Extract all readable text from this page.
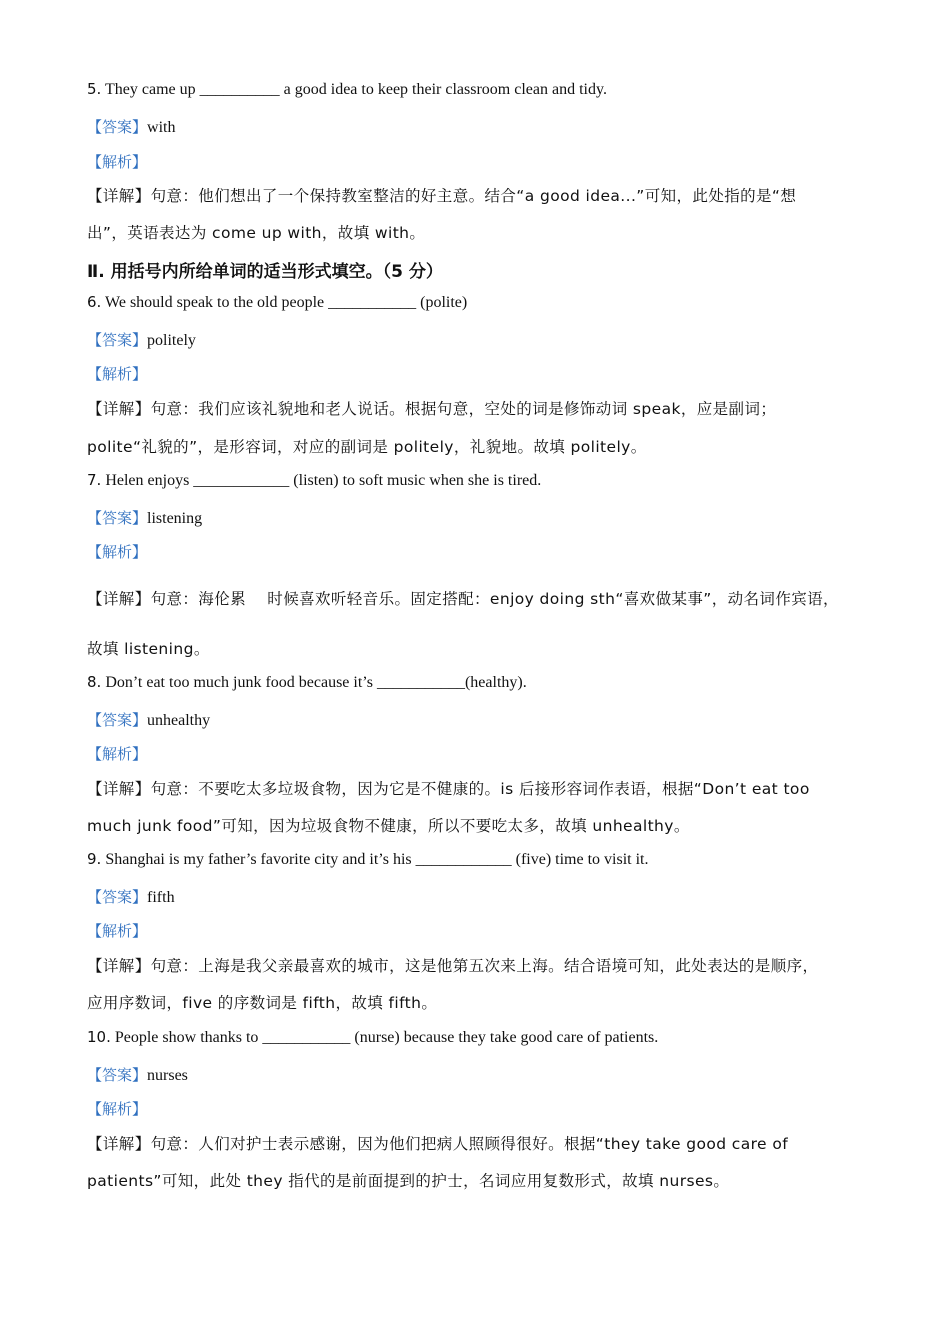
5. They came up __________ a good idea to keep their classroom clean and tidy.
【答案】with
【解析】
【详解】句意：他们想出了一个保持教室整洁的好主意。结合“a good idea...”可知，此处指的是“想
出”，英语表达为 come up with，故填 with。
Ⅱ. 用括号内所给单词的适当形式填空。（5 分）
6. We should speak to the old people ___________ (polite)
【答案】politely
【解析】
【详解】句意：我们应该礼貌地和老人说话。根据句意，空处的词是修饰动词 speak，应是副词；
polite“礼貌的”，是形容词，对应的副词是 politely，礼貌地。故填 politely。
7. Helen enjoys ____________ (listen) to soft music when she is tired.
【答案】listening
【解析】
【详解】句意：海伦累    时候喜欢听轻音乐。固定搭配：enjoy doing sth“喜欢做某事”，动名词作宾语，
故填 listening。
8. Don’t eat too much junk food because it’s ___________(healthy).
【答案】unhealthy
【解析】
【详解】句意：不要吃太多垃圾食物，因为它是不健康的。is 后接形容词作表语，根据“Don’t eat too
much junk food”可知，因为垃圾食物不健康，所以不要吃太多，故填 unhealthy。
9. Shanghai is my father’s favorite city and it’s his ____________ (five) time to visit it.
【答案】fifth
【解析】
【详解】句意：上海是我父亲最喜欢的城市，这是他第五次来上海。结合语境可知，此处表达的是顺序，
应用序数词，five 的序数词是 fifth，故填 fifth。
10. People show thanks to ___________ (nurse) because they take good care of patients.
【答案】nurses
【解析】
【详解】句意：人们对护士表示感谢，因为他们把病人照顾得很好。根据“they take good care of
patients”可知，此处 they 指代的是前面提到的护士，名词应用复数形式，故填 nurses。
